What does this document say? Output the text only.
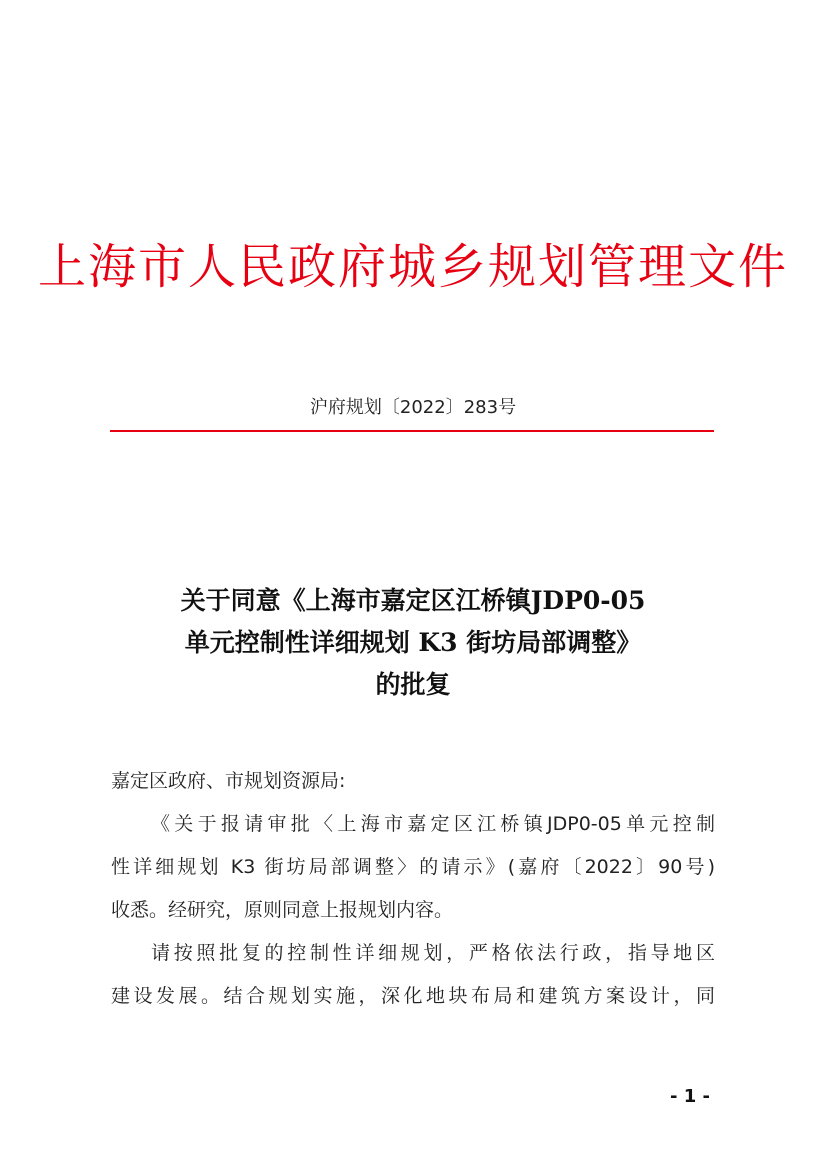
上海市人民政府城乡规划管理文件
沪府规划〔2022〕283号
关于同意《上海市嘉定区江桥镇JDP0-05
单元控制性详细规划 K3 街坊局部调整》
的批复
嘉定区政府、市规划资源局:
《关于报请审批〈上海市嘉定区江桥镇JDP0-05单元控制
性详细规划 K3 街坊局部调整〉的请示》(嘉府〔2022〕90号)
收悉。经研究，原则同意上报规划内容。
请按照批复的控制性详细规划，严格依法行政，指导地区
建设发展。结合规划实施，深化地块布局和建筑方案设计，同
- 1 -
